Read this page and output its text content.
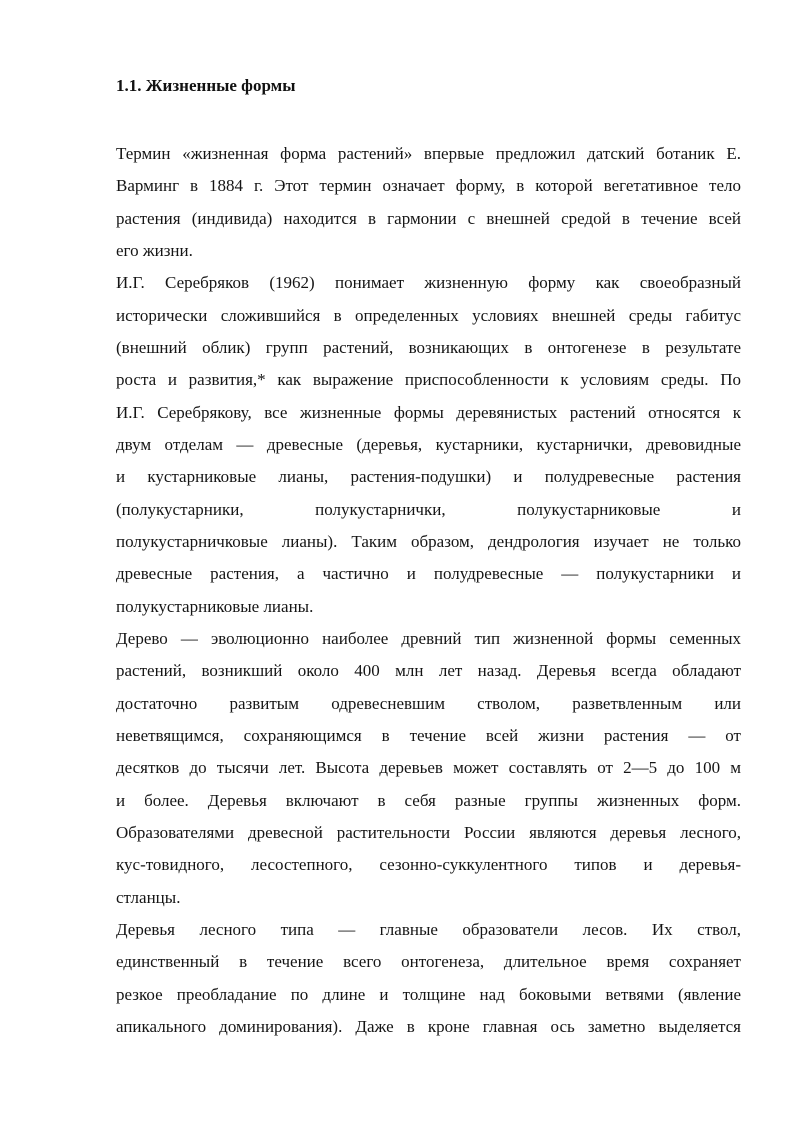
1.1. Жизненные формы
Термин «жизненная форма растений» впервые предложил датский ботаник Е.
Варминг в 1884 г. Этот термин означает форму, в которой вегетативное тело
растения (индивида) находится в гармонии с внешней средой в течение всей
его жизни.
И.Г. Серебряков (1962) понимает жизненную форму как своеобразный
исторически сложившийся в определенных условиях внешней среды габитус
(внешний облик) групп растений, возникающих в онтогенезе в результате
роста и развития,* как выражение приспособленности к условиям среды. По
И.Г. Серебрякову, все жизненные формы деревянистых растений относятся к
двум отделам — древесные (деревья, кустарники, кустарнички, древовидные
и кустарниковые лианы, растения-подушки) и полудревесные растения
(полукустарники, полукустарнички, полукустарниковые и
полукустарничковые лианы). Таким образом, дендрология изучает не только
древесные растения, а частично и полудревесные — полукустарники и
полукустарниковые лианы.
Дерево — эволюционно наиболее древний тип жизненной формы семенных
растений, возникший около 400 млн лет назад. Деревья всегда обладают
достаточно развитым одревесневшим стволом, разветвленным или
неветвящимся, сохраняющимся в течение всей жизни растения — от
десятков до тысячи лет. Высота деревьев может составлять от 2—5 до 100 м
и более. Деревья включают в себя разные группы жизненных форм.
Образователями древесной растительности России являются деревья лесного,
кус-товидного, лесостепного, сезонно-суккулентного типов и деревья-
стланцы.
Деревья лесного типа — главные образователи лесов. Их ствол,
единственный в течение всего онтогенеза, длительное время сохраняет
резкое преобладание по длине и толщине над боковыми ветвями (явление
апикального доминирования). Даже в кроне главная ось заметно выделяется
